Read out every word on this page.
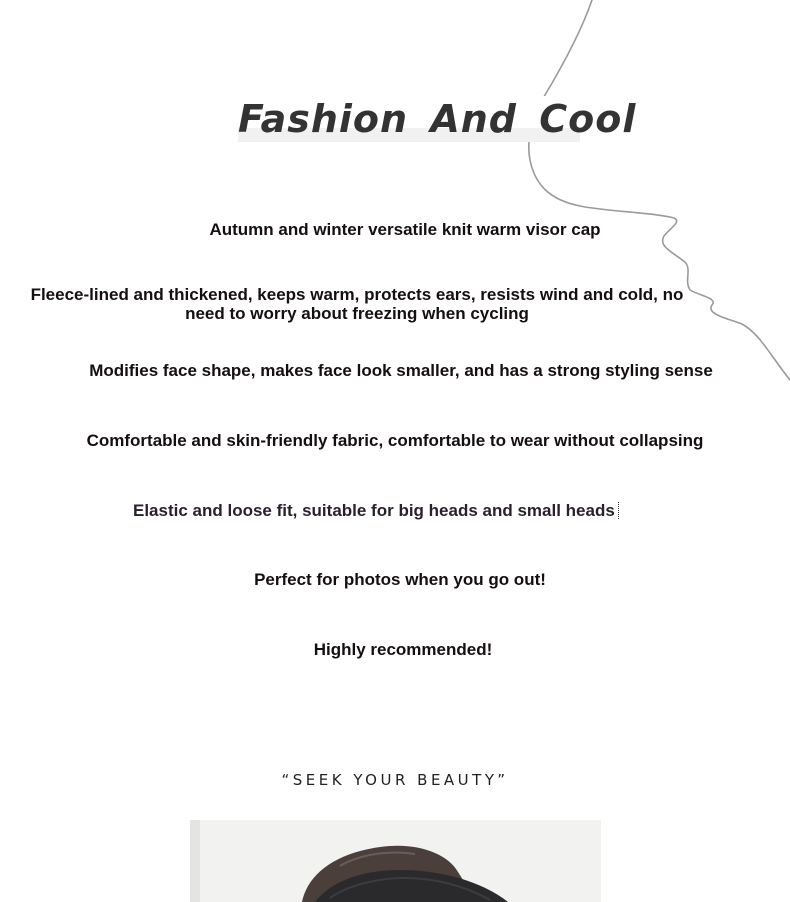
Fashion And Cool
Autumn and winter versatile knit warm visor cap
Fleece-lined and thickened, keeps warm, protects ears, resists wind and cold, no need to worry about freezing when cycling
Modifies face shape, makes face look smaller, and has a strong styling sense
Comfortable and skin-friendly fabric, comfortable to wear without collapsing
Elastic and loose fit, suitable for big heads and small heads
Perfect for photos when you go out!
Highly recommended!
“SEEK YOUR BEAUTY”
